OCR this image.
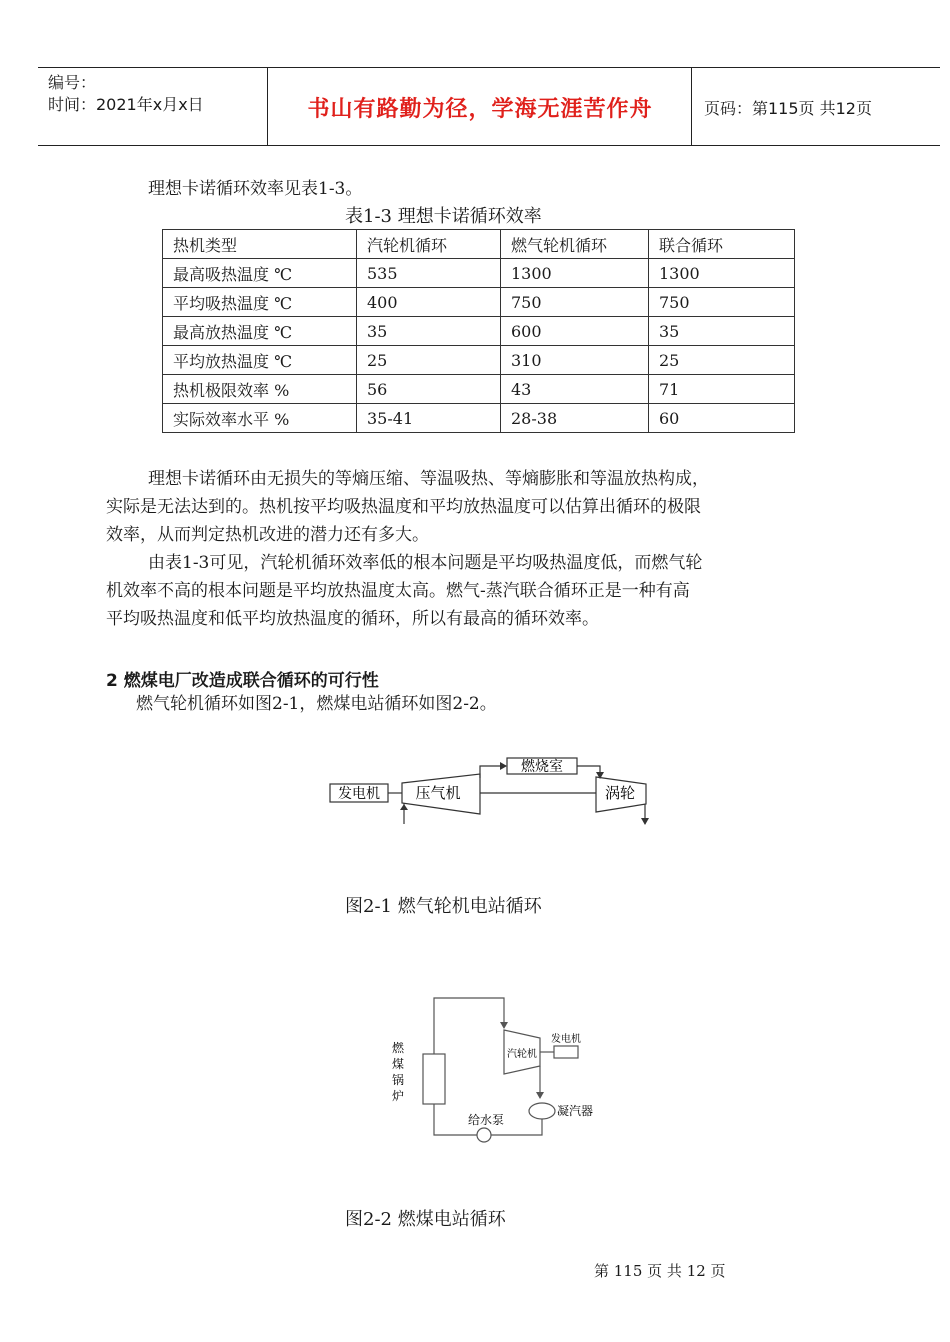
编号：
时间：2021年x月x日	书山有路勤为径，学海无涯苦作舟	页码：第115页 共12页
理想卡诺循环效率见表1-3。
表1-3 理想卡诺循环效率
热机类型	汽轮机循环	燃气轮机循环	联合循环
最高吸热温度 ℃	535	1300	1300
平均吸热温度 ℃	400	750	750
最高放热温度 ℃	35	600	35
平均放热温度 ℃	25	310	25
热机极限效率 %	56	43	71
实际效率水平 %	35-41	28-38	60
理想卡诺循环由无损失的等熵压缩、等温吸热、等熵膨胀和等温放热构成，
实际是无法达到的。热机按平均吸热温度和平均放热温度可以估算出循环的极限
效率，从而判定热机改进的潜力还有多大。
由表1-3可见，汽轮机循环效率低的根本问题是平均吸热温度低，而燃气轮
机效率不高的根本问题是平均放热温度太高。燃气-蒸汽联合循环正是一种有高
平均吸热温度和低平均放热温度的循环，所以有最高的循环效率。
2 燃煤电厂改造成联合循环的可行性
燃气轮机循环如图2-1，燃煤电站循环如图2-2。
发电机 压气机
燃烧室
涡轮
图2-1 燃气轮机电站循环
燃 煤 锅 炉
汽轮机
发电机
凝汽器
给水泵
图2-2 燃煤电站循环
第 115 页 共 12 页
